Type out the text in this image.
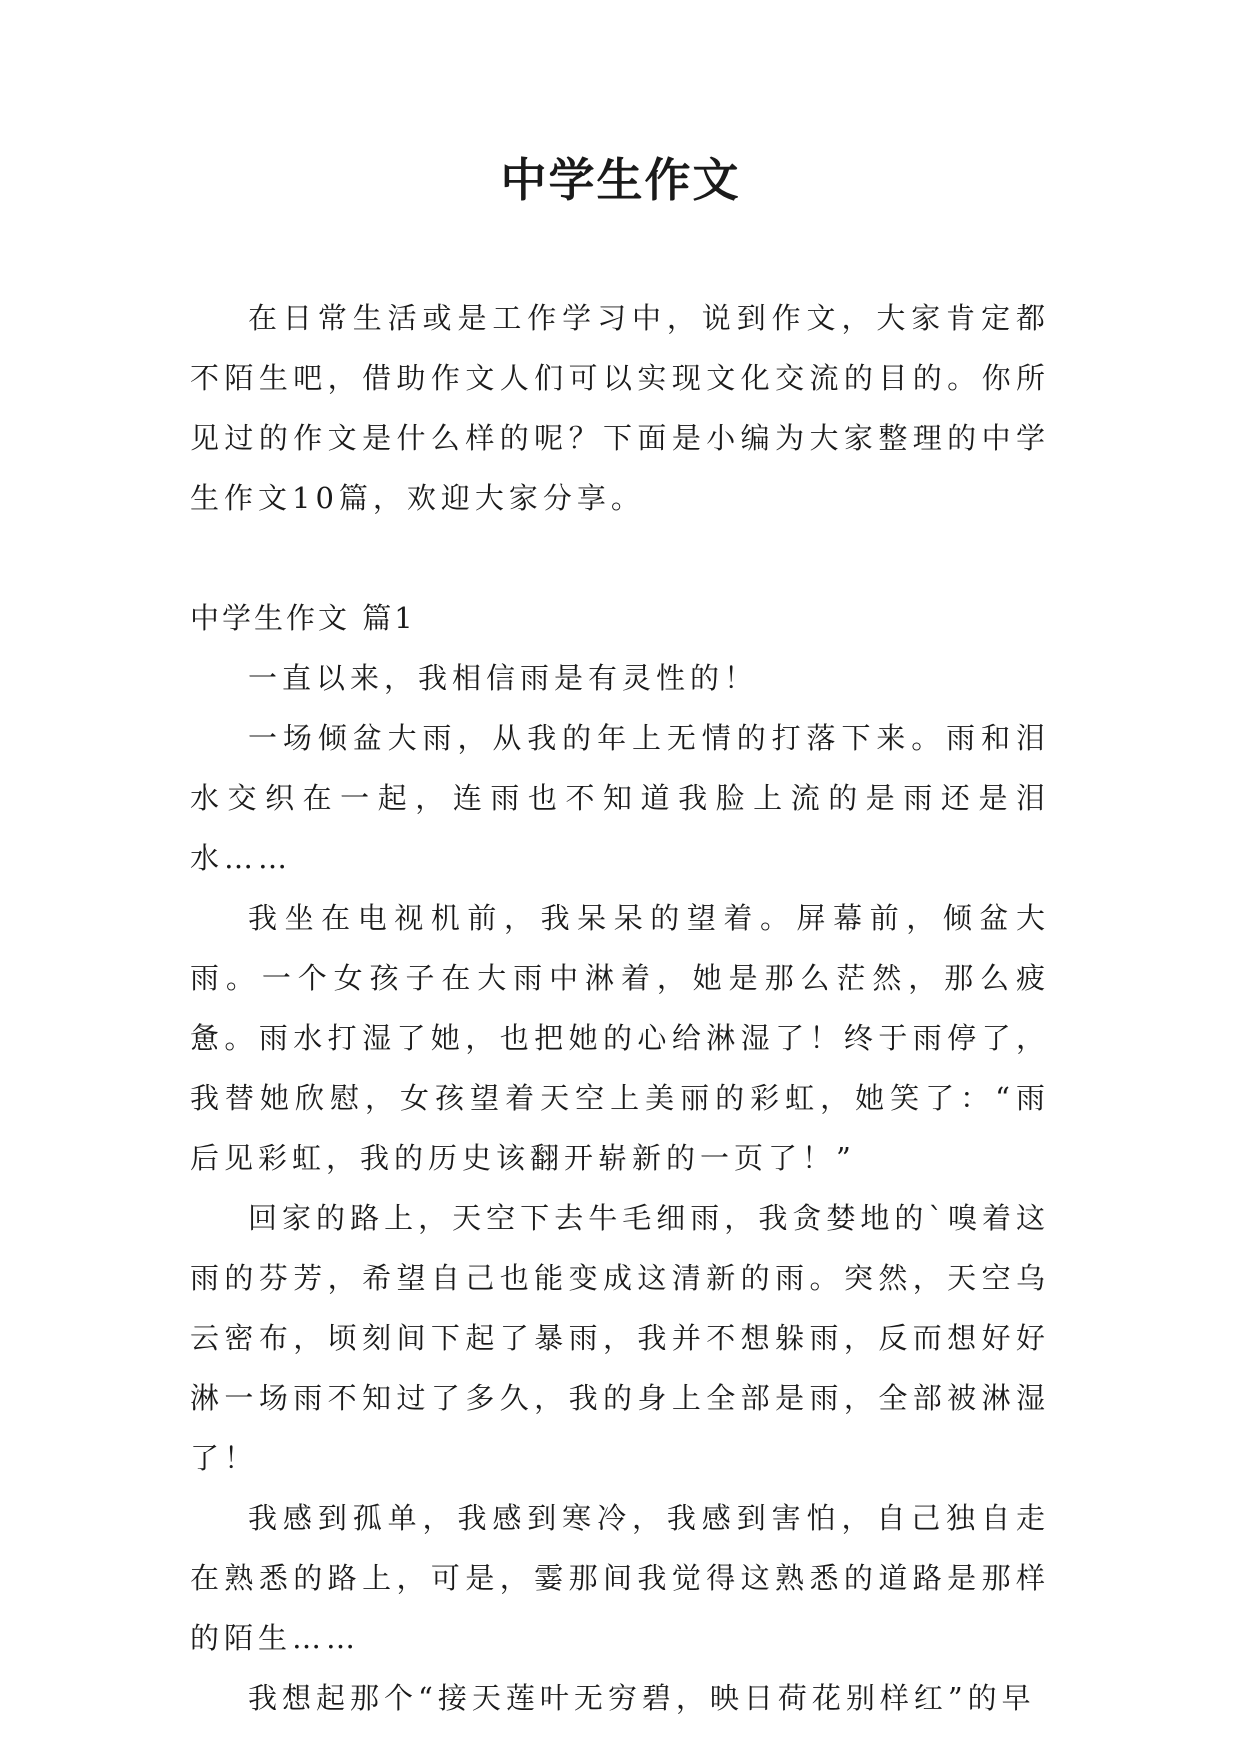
中学生作文

在日常生活或是工作学习中，说到作文，大家肯定都不陌生吧，借助作文人们可以实现文化交流的目的。你所见过的作文是什么样的呢？下面是小编为大家整理的中学生作文10篇，欢迎大家分享。

中学生作文 篇1

一直以来，我相信雨是有灵性的！

一场倾盆大雨，从我的年上无情的打落下来。雨和泪水交织在一起，连雨也不知道我脸上流的是雨还是泪水……

我坐在电视机前，我呆呆的望着。屏幕前，倾盆大雨。一个女孩子在大雨中淋着，她是那么茫然，那么疲惫。雨水打湿了她，也把她的心给淋湿了！终于雨停了，我替她欣慰，女孩望着天空上美丽的彩虹，她笑了：“雨后见彩虹，我的历史该翻开崭新的一页了！”

回家的路上，天空下去牛毛细雨，我贪婪地的`嗅着这雨的芬芳，希望自己也能变成这清新的雨。突然，天空乌云密布，顷刻间下起了暴雨，我并不想躲雨，反而想好好淋一场雨不知过了多久，我的身上全部是雨，全部被淋湿了！

我感到孤单，我感到寒冷，我感到害怕，自己独自走在熟悉的路上，可是，霎那间我觉得这熟悉的道路是那样的陌生……

我想起那个“接天莲叶无穷碧，映日荷花别样红”的早
